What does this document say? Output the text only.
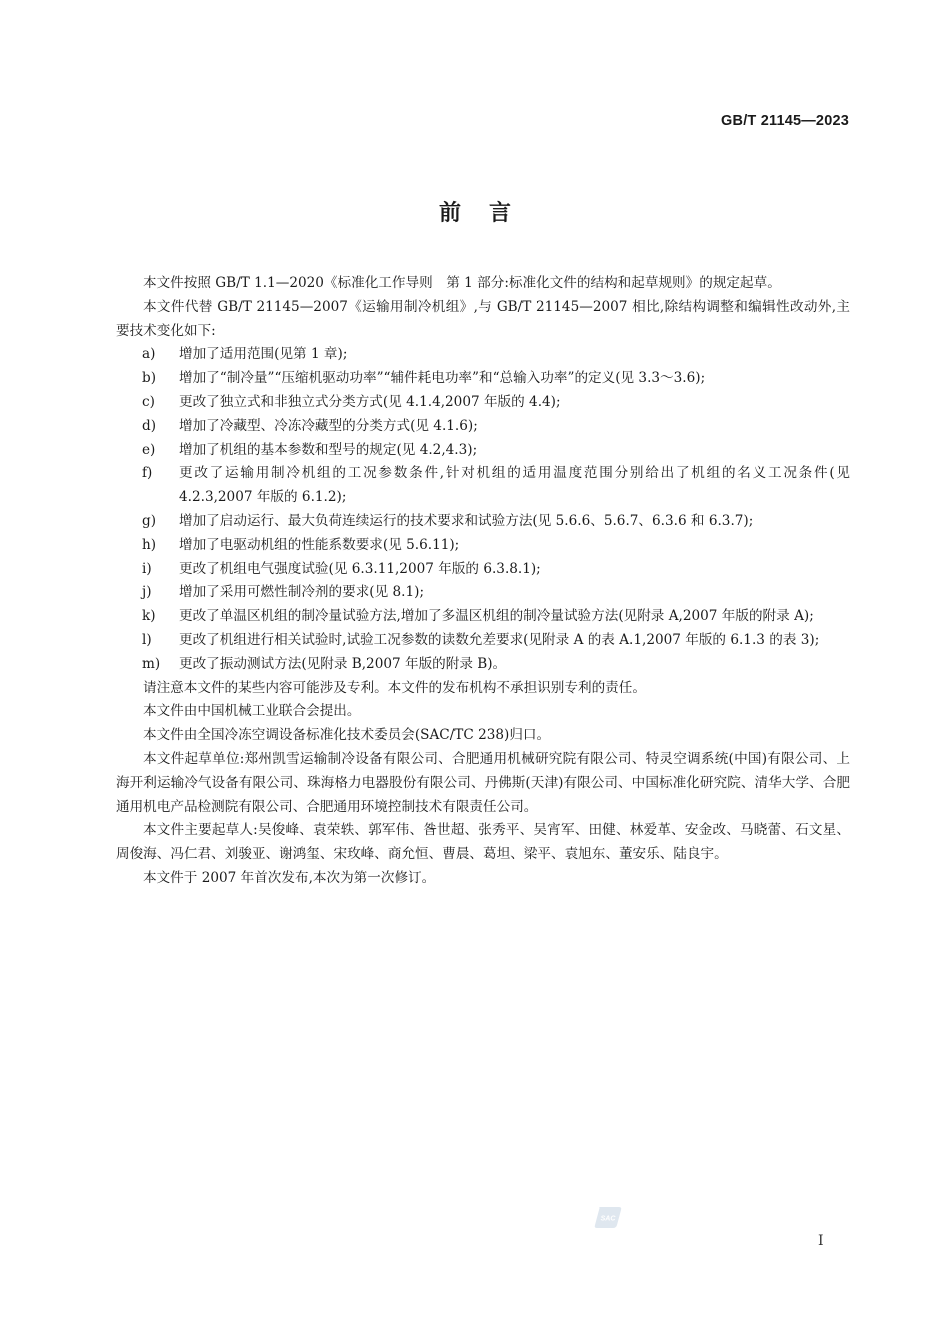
GB/T 21145—2023
前言

本文件按照 GB/T 1.1—2020《标准化工作导则　第 1 部分:标准化文件的结构和起草规则》的规定起草。

本文件代替 GB/T 21145—2007《运输用制冷机组》,与 GB/T 21145—2007 相比,除结构调整和编辑性改动外,主要技术变化如下:

a)	增加了适用范围(见第 1 章);
b)	增加了“制冷量”“压缩机驱动功率”“辅件耗电功率”和“总输入功率”的定义(见 3.3～3.6);
c)	更改了独立式和非独立式分类方式(见 4.1.4,2007 年版的 4.4);
d)	增加了冷藏型、冷冻冷藏型的分类方式(见 4.1.6);
e)	增加了机组的基本参数和型号的规定(见 4.2,4.3);
f)	更改了运输用制冷机组的工况参数条件,针对机组的适用温度范围分别给出了机组的名义工况条件(见 4.2.3,2007 年版的 6.1.2);
g)	增加了启动运行、最大负荷连续运行的技术要求和试验方法(见 5.6.6、5.6.7、6.3.6 和 6.3.7);
h)	增加了电驱动机组的性能系数要求(见 5.6.11);
i)	更改了机组电气强度试验(见 6.3.11,2007 年版的 6.3.8.1);
j)	增加了采用可燃性制冷剂的要求(见 8.1);
k)	更改了单温区机组的制冷量试验方法,增加了多温区机组的制冷量试验方法(见附录 A,2007 年版的附录 A);
l)	更改了机组进行相关试验时,试验工况参数的读数允差要求(见附录 A 的表 A.1,2007 年版的 6.1.3 的表 3);
m)	更改了振动测试方法(见附录 B,2007 年版的附录 B)。

请注意本文件的某些内容可能涉及专利。本文件的发布机构不承担识别专利的责任。

本文件由中国机械工业联合会提出。

本文件由全国冷冻空调设备标准化技术委员会(SAC/TC 238)归口。

本文件起草单位:郑州凯雪运输制冷设备有限公司、合肥通用机械研究院有限公司、特灵空调系统(中国)有限公司、上海开利运输冷气设备有限公司、珠海格力电器股份有限公司、丹佛斯(天津)有限公司、中国标准化研究院、清华大学、合肥通用机电产品检测院有限公司、合肥通用环境控制技术有限责任公司。

本文件主要起草人:吴俊峰、袁荣轶、郭军伟、昝世超、张秀平、吴宵军、田健、林爱革、安金改、马晓蕾、石文星、周俊海、冯仁君、刘骏亚、谢鸿玺、宋玫峰、商允恒、曹晨、葛坦、梁平、袁旭东、董安乐、陆良宇。

本文件于 2007 年首次发布,本次为第一次修订。

SAC
I
